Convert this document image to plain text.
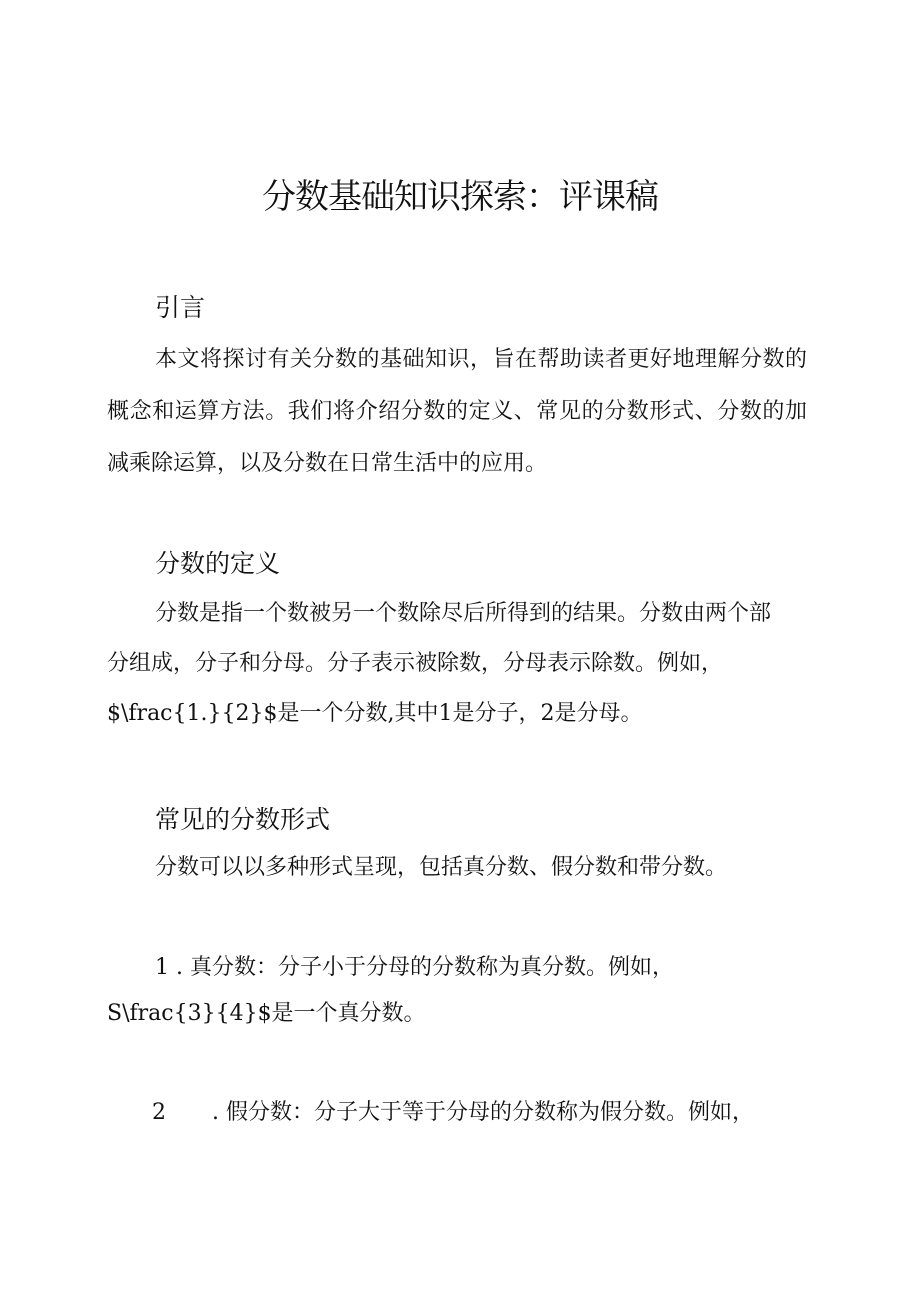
分数基础知识探索：评课稿
引言
本文将探讨有关分数的基础知识，旨在帮助读者更好地理解分数的概念和运算方法。我们将介绍分数的定义、常见的分数形式、分数的加减乘除运算，以及分数在日常生活中的应用。
分数的定义
分数是指一个数被另一个数除尽后所得到的结果。分数由两个部
分组成，分子和分母。分子表示被除数，分母表示除数。例如，
$\frac{1.}{2}$是一个分数,其中1是分子，2是分母。
常见的分数形式
分数可以以多种形式呈现，包括真分数、假分数和带分数。
1 . 真分数：分子小于分母的分数称为真分数。例如，
S\frac{3}{4}$是一个真分数。
2 . 假分数：分子大于等于分母的分数称为假分数。例如，
